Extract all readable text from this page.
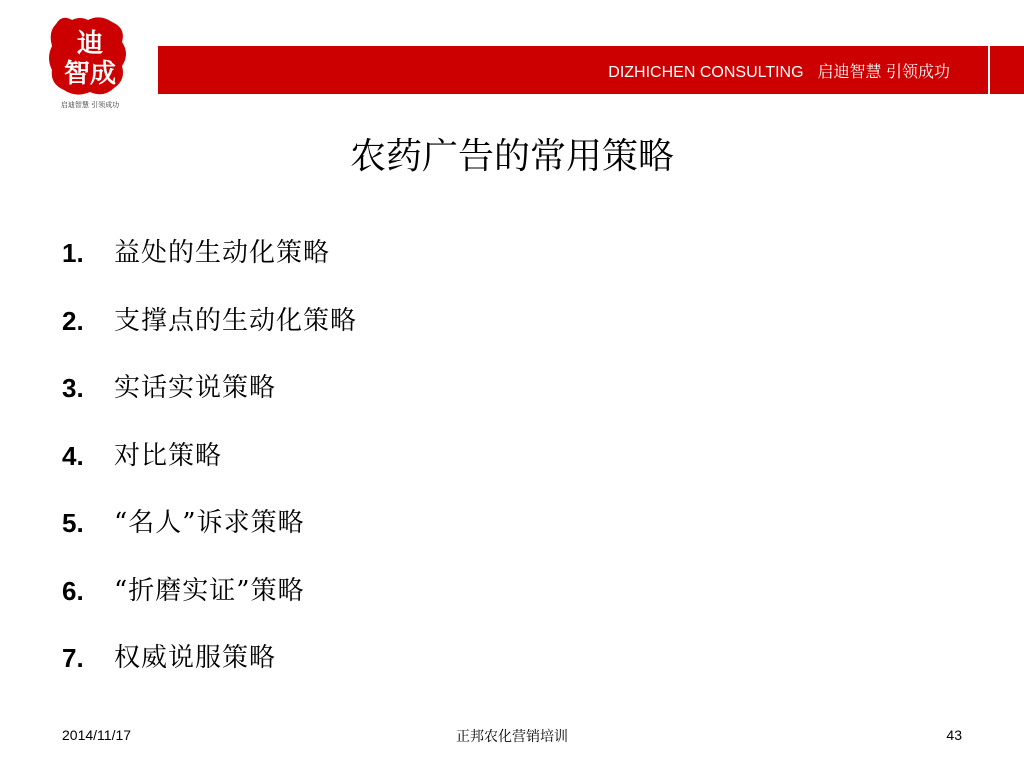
迪
智成
启迪智慧 引领成功
DIZHICHEN CONSULTING 启迪智慧 引领成功
农药广告的常用策略
1.	益处的生动化策略
2.	支撑点的生动化策略
3.	实话实说策略
4.	对比策略
5.	“名人”诉求策略
6.	“折磨实证”策略
7.	权威说服策略
2014/11/17	正邦农化营销培训	43
